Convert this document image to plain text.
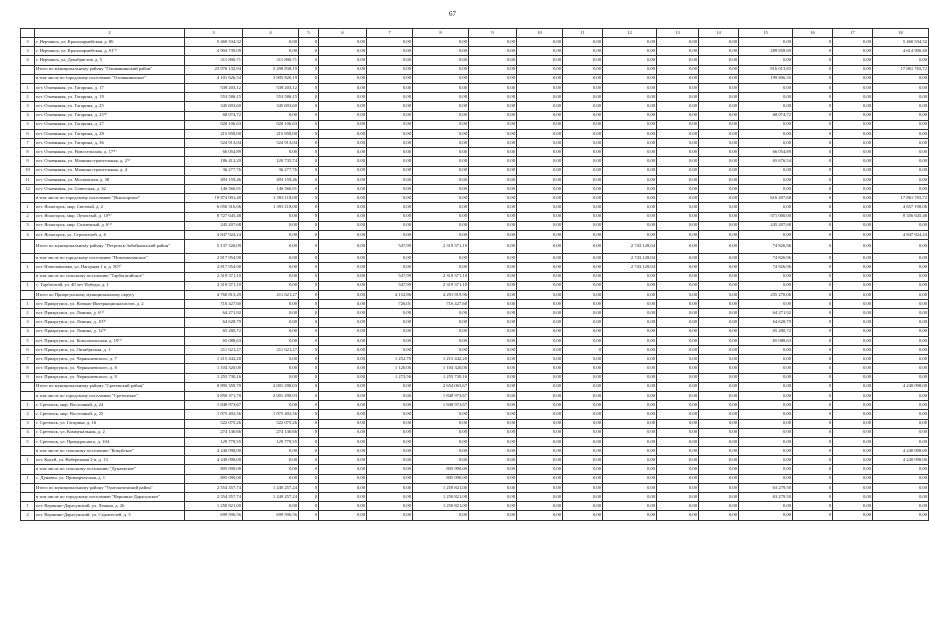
67
	2	3	4	5	6	7	8	9	10	11	12	13	14	15	16	17	18
3	г. Нерчинск, ул. Красноармейская, д. 86	5 460 534,32	0,00	0	0,00	0,00	0,00	0,00	0,00	0,00	0,00	0,00	0,00	0,00	0	0,00	5 460 534,32
3	г. Нерчинск, ул. Красноармейская, д. 91⁽⁷⁾	4 904 739,09	0,00	0	0,00	0,00	0,00	0,00	0,00	0,00	0,00	0,00	0,00	289 858,69	0	0,00	4 614 900,40
4	г. Нерчинск, ул. Декабристов, д. 5	311 806,71	311 806,71	0	0,00	0,00	0,00	0,00	0,00	0,00	0,00	0,00	0,00	0,00	0	0,00	0,00
	Итого по муниципальному району "Оловяннинский район"	23 976 132,94	5 298 838,19	0	0,00	0,00	0,00	0,00	0,00	0,00	0,00	0,00	0,00	816 013,83	0	0,00	17 861 765,72
	в том числе по городскому поселению "Оловяннинское"	4 101 626,54	3 905 820,19	0	0,00	0,00	0,00	0,00	0,00	0,00	0,00	0,00	0,00	199 806,35	0	0,00	0,00
1	пгт. Оловянная, ул. Гагарина, д. 17	539 203,12	539 203,12	0	0,00	0,00	0,00	0,00	0,00	0,00	0,00	0,00	0,00	0,00	0	0,00	0,00
2	пгт. Оловянная, ул. Гагарина, д. 19	553 586,15	553 586,15	0	0,00	0,00	0,00	0,00	0,00	0,00	0,00	0,00	0,00	0,00	0	0,00	0,00
3	пгт. Оловянная, ул. Гагарина, д. 25	345 693,60	345 693,60	0	0,00	0,00	0,00	0,00	0,00	0,00	0,00	0,00	0,00	0,00	0	0,00	0,00
4	пгт. Оловянная, ул. Гагарина, д. 25⁽¹⁾	68 074,72	0,00	0	0,00	0,00	0,00	0,00	0,00	0,00	0,00	0,00	0,00	68 074,72	0	0,00	0,00
5	пгт. Оловянная, ул. Гагарина, д. 27	928 106,63	928 106,63	0	0,00	0,00	0,00	0,00	0,00	0,00	0,00	0,00	0,00	0,00	0	0,00	0,00
6	пгт. Оловянная, ул. Гагарина, д. 28	215 858,00	215 858,00	0	0,00	0,00	0,00	0,00	0,00	0,00	0,00	0,00	0,00	0,00	0	0,00	0,00
7	пгт. Оловянная, ул. Гагарина, д. 36	524 913,04	524 913,04	0	0,00	0,00	0,00	0,00	0,00	0,00	0,00	0,00	0,00	0,00	0	0,00	0,00
8	пгт. Оловянная, ул. Новосельская, д. 17⁽¹⁾	66 054,89	0,00	0	0,00	0,00	0,00	0,00	0,00	0,00	0,00	0,00	0,00	66 054,89	0	0,00	0,00
9	пгт. Оловянная, ул. Машиностроительная, д. 2⁽¹⁾	186 412,29	120 735,74	0	0,00	0,00	0,00	0,00	0,00	0,00	0,00	0,00	0,00	65 676,54	0	0,00	0,00
10	пгт. Оловянная, ул. Машиностроительная, д. 4	36 277,76	36 277,76	0	0,00	0,00	0,00	0,00	0,00	0,00	0,00	0,00	0,00	0,00	0	0,00	0,00
11	пгт. Оловянная, ул. Московская, д. 38	493 159,46	493 159,46	0	0,00	0,00	0,00	0,00	0,00	0,00	0,00	0,00	0,00	0,00	0	0,00	0,00
12	пгт. Оловянная, ул. Советская, д. 42	146 566,91	146 566,91	0	0,00	0,00	0,00	0,00	0,00	0,00	0,00	0,00	0,00	0,00	0	0,00	0,00
	в том числе по городскому поселению "Ясногорское"	19 874 091,40	1 393 118,00	0	0,00	0,00	0,00	0,00	0,00	0,00	0,00	0,00	0,00	616 207,68	0	0,00	17 861 765,72
1	пгт. Ясногорск, мкр. Светлый, д. 2	6 050 316,06	1 393 118,00	0	0,00	0,00	0,00	0,00	0,00	0,00	0,00	0,00	0,00	0,00	0	0,00	4 657 198,06
2	пгт. Ясногорск, мкр. Лучистый, д. 10⁽¹⁾	8 727 645,48	0,00	0	0,00	0,00	0,00	0,00	0,00	0,00	0,00	0,00	0,00	371 000,00	0	0,00	8 356 645,48
3	пгт. Ясногорск, мкр. Солнечный, д. 6⁽¹⁾	245 207,68	0,00	0	0,00	0,00	0,00	0,00	0,00	0,00	0,00	0,00	0,00	245 207,68	0	0,00	0,00
4	пгт. Ясногорск, ул. Строителей, д. 6	4 847 924,24	0,00	0	0,00	0,00	0,00	0,00	0,00	0,00	0,00	0,00	0,00	0,00	0	0,00	4 847 924,24
	Итого по муниципальному району "Петровск-Забайкальский район"	5 137 326,09	0,00	0	0,00	547,99	2 319 371,10	0,00	0,00	0,00	2 743 128,04	0,00	0,00	74 826,96	0	0,00	0,00
	в том числе по городскому поселению "Новопавловское"	2 817 954,90	0,00	0	0,00	0,00	0,00	0,00	0,00	0,00	2 743 128,04	0,00	0,00	74 826,96	0	0,00	0,00
1	пгт. Новопавловка, ул. Нагорная 1 к, д. 50⁽¹⁾	2 817 954,90	0,00	0	0,00	0,00	0,00	0,00	0,00	0,00	2 743 128,04	0,00	0,00	74 826,96	0	0,00	0,00
	в том числе по сельскому поселению "Тарбагатайское"	2 319 371,10	0,00	0	0,00	547,99	2 319 371,10	0,00	0,00	0,00	0,00	0,00	0,00	0,00	0	0,00	0,00
1	с. Тарбагатай, ул. 40 лет Победы, д. 1	2 319 371,10	0,00	0	0,00	547,99	2 319 371,10	0,00	0,00	0,00	0,00	0,00	0,00	0,00	0	0,00	0,00
	Итого по Приаргунскому муниципальному округу	4 760 813,29	211 621,27	0	0,00	4 152,86	4 291 919,96	0,00	0,00	0,00	0,00	0,00	0,00	255 270,06	0	0,00	0,00
1	пгт. Приаргунск, ул. Военно-Интернационалистов, д. 2	716 427,60	0,00	0	0,00	726,01	716 427,60	0,00	0,00	0,00	0,00	0,00	0,00	0,00	0	0,00	0,00
2	пгт. Приаргунск, ул. Ленина, д. 6⁽¹⁾	64 271,92	0,00	0	0,00	0,00	0,00	0,00	0,00	0,00	0,00	0,00	0,00	64 271,92	0	0,00	0,00
3	пгт. Приаргунск, ул. Ленина, д. 10⁽¹⁾	64 628,79	0,00	0	0,00	0,00	0,00	0,00	0,00	0,00	0,00	0,00	0,00	64 628,79	0	0,00	0,00
4	пгт. Приаргунск, ул. Ленина, д. 12⁽¹⁾	65 280,72	0,00	0	0,00	0,00	0,00	0,00	0,00	0,00	0,00	0,00	0,00	65 280,72	0	0,00	0,00
5	пгт. Приаргунск, ул. Комсомольская, д. 10⁽¹⁾	65 088,63	0,00	0	0,00	0,00	0,00	0,00	0,00	0,00	0,00	0,00	0,00	65 088,63	0	0,00	0,00
6	пгт. Приаргунск, ул. Октябрьская, д. 1	211 621,27	211 621,27	0	0,00	0,00	0,00	0,00	0,00	0	0,00	0,00	0,00	0,00	0	0,00	0,00
7	пгт. Приаргунск, ул. Чернышевского, д. 7	1 215 442,20	0,00	0	0,00	1 252,70	1 215 442,20	0,00	0,00	0,00	0,00	0,00	0,00	0,00	0	0,00	0,00
8	пгт. Приаргунск, ул. Чернышевского, д. 8	1 104 320,00	0,00	0	0,00	1 120,00	1 104 320,00	0,00	0,00	0,00	0,00	0,00	0,00	0,00	0	0,00	0,00
9	пгт. Приаргунск, ул. Чернышевского, д. 9	1 255 730,16	0,00	0	0,00	1 273,56	1 255 730,16	0,00	0,00	0,00	0,00	0,00	0,00	0,00	0	0,00	0,00
	Итого по муниципальному району "Сретенский район"	8 895 359,79	2 001 298,03	0	0,00	0,00	2 654 063,67	0,00	0,00	0,00	0,00	0,00	0,00	0,00	0	0,00	4 240 098,00
	в том числе по городскому поселению "Сретенское"	3 850 371,70	2 001 298,03	0	0,00	0,00	1 848 973,67	0,00	0,00	0,00	0,00	0,00	0,00	0,00	0	0,00	0,00
1	г. Сретенск, мкр. Восточный, д. 24	1 848 973,67	0,00	0	0,00	0,00	1 848 973,67	0,00	0,00	0,00	0,00	0,00	0,00	0,00	0	0,00	0,00
2	г. Сретенск, мкр. Восточный, д. 25	1 075 402,56	1 075 402,56	0	0,00	0,00	0,00	0,00	0,00	0,00	0,00	0,00	0,00	0,00	0	0,00	0,00
3	г. Сретенск, ул. Гагарина, д. 16	522 075,26	522 075,26	0	0,00	0,00	0,00	0,00	0,00	0,00	0,00	0,00	0,00	0,00	0	0,00	0,00
4	г. Сретенск, ул. Коммунальная, д. 2	274 140,66	274 140,66	0	0,00	0,00	0,00	0,00	0,00	0,00	0,00	0,00	0,00	0,00	0	0,00	0,00
5	г. Сретенск, ул. Примурасного, д. 104	129 779,55	129 779,55	0	0,00	0,00	0,00	0,00	0,00	0,00	0,00	0,00	0,00	0,00	0	0,00	0,00
	в том числе по сельскому поселению "Кокуйское"	4 240 098,00	0,00	0	0,00	0,00	0,00	0,00	0,00	0,00	0,00	0,00	0,00	0,00	0	0,00	4 240 098,00
1	пгт. Кокуй, ул. Набережная 2-я, д. 13	4 240 098,00	0,00	0	0,00	0,00	0,00	0,00	0,00	0,00	0,00	0,00	0,00	0,00	0	0,00	4 240 098,00
	в том числе по сельскому поселению "Дунаевское"	805 090,00	0,00	0	0,00	0,00	805 090,00	0,00	0,00	0,00	0,00	0,00	0,00	0,00	0	0,00	0,00
1	с. Дунаево, ул. Приморчатская, д. 1	805 090,00	0,00	0	0,00	0,00	805 090,00	0,00	0,00	0,00	0,00	0,00	0,00	0,00	0	0,00	0,00
	Итого по муниципальному району "Тунгокоченский район"	2 554 357,74	1 240 257,24	0	0,00	0,00	1 250 821,00	0,00	0,00	0,00	0,00	0,00	0,00	63 279,50	0	0,00	0,00
	в том числе по городскому поселению "Вершино-Дарасунское"	2 554 357,74	1 240 257,24	0	0,00	0,00	1 250 821,00	0,00	0,00	0,00	0,00	0,00	0,00	63 279,50	0	0,00	0,00
1	пгт. Вершино-Дарасунский, ул. Ленина, д. 26	1 250 821,00	0,00	0	0,00	0,00	1 250 821,00	0,00	0,00	0,00	0,00	0,00	0,00	0,00	0	0,00	0,00
2	пгт. Вершино-Дарасунский, ул. Строителей, д. 3	699 596,56	699 596,56	0	0,00	0,00	0,00	0,00	0,00	0,00	0,00	0,00	0,00	0,00	0	0,00	0,00
